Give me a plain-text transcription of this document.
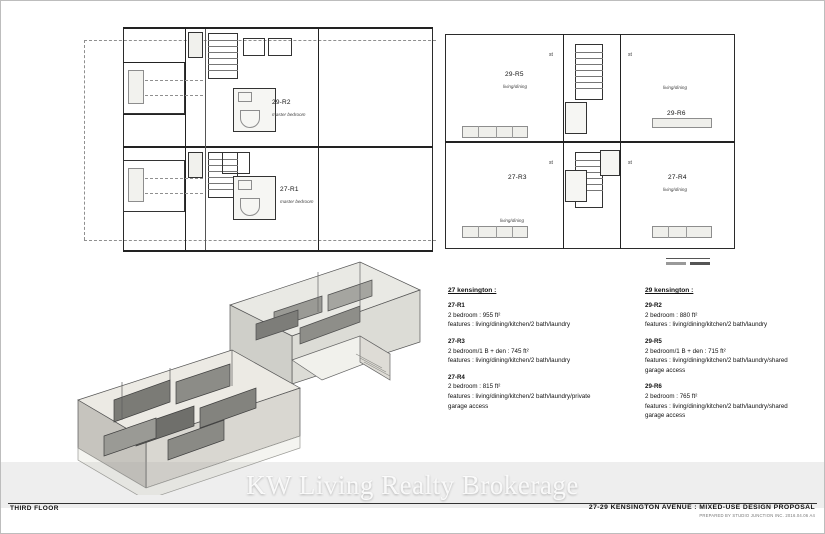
29-R2
master bedroom
27-R1
master bedroom
st	st
st	st
29-R5
living/dining
29-R6
living/dining
27-R3
living/dining
27-R4
living/dining
27 kensington :
27-R1
2 bedroom : 955 ft²
features : living/dining/kitchen/2 bath/laundry
27-R3
2 bedroom/1 B + den : 745 ft²
features : living/dining/kitchen/2 bath/laundry
27-R4
2 bedroom : 815 ft²
features : living/dining/kitchen/2 bath/laundry/private garage access
29 kensington :
29-R2
2 bedroom : 880 ft²
features : living/dining/kitchen/2 bath/laundry
29-R5
2 bedroom/1 B + den : 715 ft²
features : living/dining/kitchen/2 bath/laundry/shared garage access
29-R6
2 bedroom : 765 ft²
features : living/dining/kitchen/2 bath/laundry/shared garage access
KW Living Realty Brokerage
THIRD FLOOR	27-29 KENSINGTON AVENUE : MIXED-USE DESIGN PROPOSAL
PREPARED BY STUDIO JUNCTION INC. 2016.04.06 A4
